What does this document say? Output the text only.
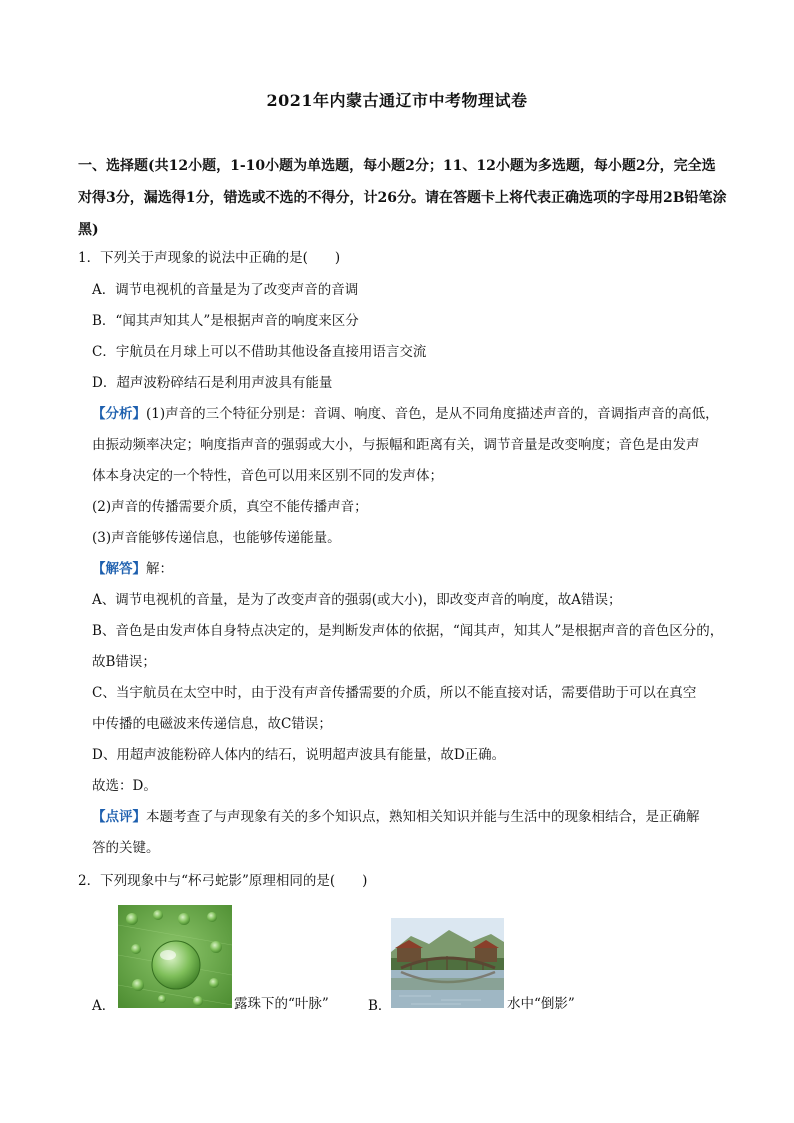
2021年内蒙古通辽市中考物理试卷
一、选择题(共12小题，1-10小题为单选题，每小题2分；11、12小题为多选题，每小题2分，完全选对得3分，漏选得1分，错选或不选的不得分，计26分。请在答题卡上将代表正确选项的字母用2B铅笔涂黑)
1．下列关于声现象的说法中正确的是(　　)
A．调节电视机的音量是为了改变声音的音调
B．“闻其声知其人”是根据声音的响度来区分
C．宇航员在月球上可以不借助其他设备直接用语言交流
D．超声波粉碎结石是利用声波具有能量
【分析】(1)声音的三个特征分别是：音调、响度、音色，是从不同角度描述声音的，音调指声音的高低，
由振动频率决定；响度指声音的强弱或大小，与振幅和距离有关，调节音量是改变响度；音色是由发声
体本身决定的一个特性，音色可以用来区别不同的发声体；
(2)声音的传播需要介质，真空不能传播声音；
(3)声音能够传递信息，也能够传递能量。
【解答】解：
A、调节电视机的音量，是为了改变声音的强弱(或大小)，即改变声音的响度，故A错误；
B、音色是由发声体自身特点决定的，是判断发声体的依据，“闻其声，知其人”是根据声音的音色区分的，
故B错误；
C、当宇航员在太空中时，由于没有声音传播需要的介质，所以不能直接对话，需要借助于可以在真空
中传播的电磁波来传递信息，故C错误；
D、用超声波能粉碎人体内的结石，说明超声波具有能量，故D正确。
故选：D。
【点评】本题考查了与声现象有关的多个知识点，熟知相关知识并能与生活中的现象相结合，是正确解
答的关键。
2．下列现象中与“杯弓蛇影”原理相同的是(　　)
A．	露珠下的“叶脉”	B．	水中“倒影”
